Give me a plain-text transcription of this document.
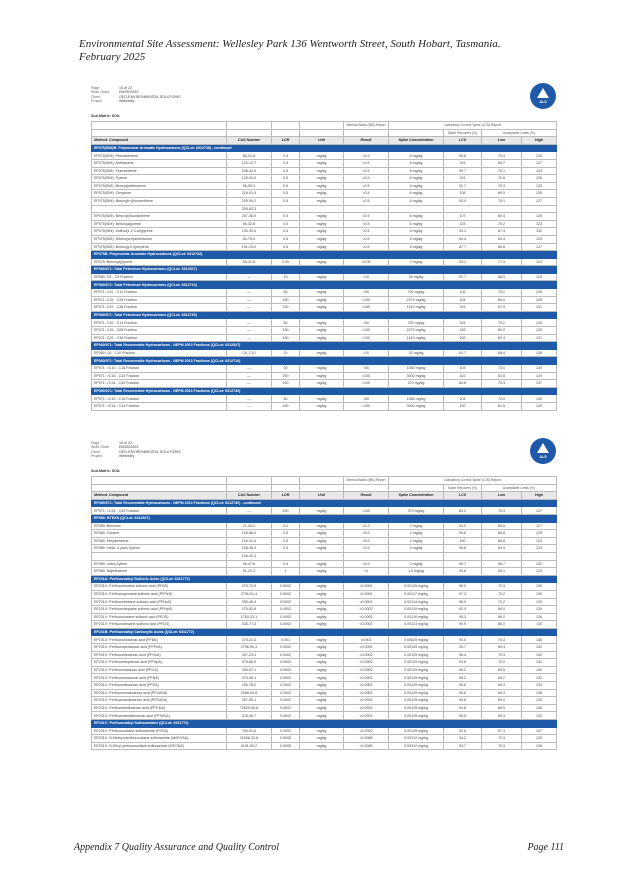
Environmental Site Assessment: Wellesley Park 136 Wentworth Street, South Hobart, Tasmania.
February 2025
Page	15 of 22
Work Order	EM2503393
Client	GEO-ENVIRONMENTAL SOLUTIONS
Project	Wellesley	ALS
Sub-Matrix: SOIL
				Method Blank (MB) Report	Laboratory Control Spike (LCS) Report			
						Spike Recovery (%)	Acceptable Limits (%)	
Method: Compound	CAS Number	LOR	Unit	Result	Spike Concentration	LCS	Low	High
EP075(SIM)B: Polynuclear Aromatic Hydrocarbons (QCLot: 6312739) - continued								
EP075(SIM): Phenanthrene	85-01-8	0.5	mg/kg	<0.5	6 mg/kg	95.8	70.4	126
EP075(SIM): Anthracene	120-12-7	0.5	mg/kg	<0.5	6 mg/kg	101	69.7	127
EP075(SIM): Fluoranthene	206-44-0	0.5	mg/kg	<0.5	6 mg/kg	99.7	70.1	124
EP075(SIM): Pyrene	129-00-0	0.5	mg/kg	<0.5	6 mg/kg	101	70.6	126
EP075(SIM): Benz(a)anthracene	56-55-3	0.5	mg/kg	<0.5	6 mg/kg	92.7	70.3	123
EP075(SIM): Chrysene	218-01-9	0.5	mg/kg	<0.5	6 mg/kg	105	69.0	130
EP075(SIM): Benzo(b+j)fluoranthene	205-99-2	0.5	mg/kg	<0.5	6 mg/kg	93.4	70.1	127
	205-82-3							
EP075(SIM): Benzo(k)fluoranthene	207-08-9	0.5	mg/kg	<0.5	6 mg/kg	107	69.4	126
EP075(SIM): Benzo(a)pyrene	50-32-8	0.5	mg/kg	<0.5	6 mg/kg	103	70.2	123
EP075(SIM): Indeno(1.2.3.cd)pyrene	193-39-5	0.5	mg/kg	<0.5	6 mg/kg	93.1	67.3	132
EP075(SIM): Dibenz(a.h)anthracene	53-70-3	0.5	mg/kg	<0.5	6 mg/kg	94.4	63.4	125
EP075(SIM): Benzo(g.h.i)perylene	191-24-2	0.5	mg/kg	<0.5	6 mg/kg	87.7	65.6	127
EP075B: Polynuclear Aromatic Hydrocarbons (QCLot: 6312732)								
EP075: Benzo(a)pyrene	50-32-8	0.05	mg/kg	<0.05	2 mg/kg	93.1	77.3	124
EP080/071: Total Petroleum Hydrocarbons (QCLot: 6312527)								
EP080: C6 - C9 Fraction	----	10	mg/kg	<10	26 mg/kg	92.7	68.5	124
EP080/071: Total Petroleum Hydrocarbons (QCLot: 6312710)								
EP071: C10 - C14 Fraction	----	50	mg/kg	<50	700 mg/kg	102	75.2	126
EP071: C15 - C28 Fraction	----	100	mg/kg	<100	2270 mg/kg	104	80.0	129
EP071: C29 - C36 Fraction	----	100	mg/kg	<100	1410 mg/kg	101	67.5	131
EP080/071: Total Petroleum Hydrocarbons (QCLot: 6312730)								
EP071: C10 - C14 Fraction	----	50	mg/kg	<50	700 mg/kg	104	75.2	126
EP071: C15 - C28 Fraction	----	100	mg/kg	<100	2270 mg/kg	103	80.0	129
EP071: C29 - C36 Fraction	----	100	mg/kg	<100	1410 mg/kg	103	62.4	131
EP080/071: Total Recoverable Hydrocarbons - NEPM 2013 Fractions (QCLot: 6312527)								
EP080: C6 - C10 Fraction	C6_C10	10	mg/kg	<10	31 mg/kg	92.7	68.4	128
EP080/071: Total Recoverable Hydrocarbons - NEPM 2013 Fractions (QCLot: 6312710)								
EP071: >C10 - C16 Fraction	----	50	mg/kg	<50	1080 mg/kg	103	73.0	130
EP071: >C16 - C34 Fraction	----	100	mg/kg	<100	3000 mg/kg	102	81.5	129
EP071: >C34 - C40 Fraction	----	100	mg/kg	<100	370 mg/kg	84.6	70.3	137
EP080/071: Total Recoverable Hydrocarbons - NEPM 2013 Fractions (QCLot: 6312730)								
EP071: >C10 - C16 Fraction	----	50	mg/kg	<50	1080 mg/kg	104	73.0	130
EP071: >C16 - C34 Fraction	----	100	mg/kg	<100	3000 mg/kg	102	81.5	129
Page	16 of 22
Work Order	EM2503393
Client	GEO-ENVIRONMENTAL SOLUTIONS
Project	Wellesley	ALS
Sub-Matrix: SOIL
				Method Blank (MB) Report	Laboratory Control Spike (LCS) Report			
						Spike Recovery (%)	Acceptable Limits (%)	
Method: Compound	CAS Number	LOR	Unit	Result	Spike Concentration	LCS	Low	High
EP080/071: Total Recoverable Hydrocarbons - NEPM 2013 Fractions (QCLot: 6312730) - continued								
EP071: >C34 - C40 Fraction	----	100	mg/kg	<100	370 mg/kg	83.2	70.3	137
EP080: BTEXN (QCLot: 6312527)								
EP080: Benzene	71-43-2	0.2	mg/kg	<0.2	2 mg/kg	94.0	65.8	117
EP080: Toluene	108-88-3	0.5	mg/kg	<0.5	2 mg/kg	93.6	66.8	129
EP080: Ethylbenzene	100-41-4	0.5	mg/kg	<0.5	2 mg/kg	100	66.8	124
EP080: meta- & para-Xylene	108-38-3	0.5	mg/kg	<0.5	4 mg/kg	95.6	64.9	124
	106-42-3							
EP080: ortho-Xylene	95-47-6	0.5	mg/kg	<0.5	2 mg/kg	99.7	66.7	132
EP080: Naphthalene	91-20-3	1	mg/kg	<1	1.5 mg/kg	90.8	65.1	123
EP231A: Perfluoroalkyl Sulfonic Acids (QCLot: 6311772)								
EP231X: Perfluorobutane sulfonic acid (PFBS)	375-73-5	0.0002	mg/kg	<0.0002	0.00125 mg/kg	99.0	70.3	130
EP231X: Perfluoropentane sulfonic acid (PFPeS)	2706-91-4	0.0002	mg/kg	<0.0002	0.00117 mg/kg	97.3	70.2	130
EP231X: Perfluorohexane sulfonic acid (PFHxS)	355-46-4	0.0002	mg/kg	<0.0002	0.00114 mg/kg	96.9	70.2	129
EP231X: Perfluoroheptane sulfonic acid (PFHpS)	375-92-8	0.0002	mg/kg	<0.0002	0.00119 mg/kg	92.4	69.0	130
EP231X: Perfluorooctane sulfonic acid (PFOS)	1763-23-1	0.0002	mg/kg	<0.0002	0.00116 mg/kg	95.3	68.0	126
EP231X: Perfluorodecane sulfonic acid (PFDS)	335-77-3	0.0002	mg/kg	<0.0002	0.00121 mg/kg	90.9	66.0	134
EP231B: Perfluoroalkyl Carboxylic Acids (QCLot: 6311772)								
EP231X: Perfluorobutanoic acid (PFBA)	375-22-4	0.001	mg/kg	<0.001	0.00625 mg/kg	93.5	70.3	136
EP231X: Perfluoropentanoic acid (PFPeA)	2706-90-3	0.0002	mg/kg	<0.0002	0.00125 mg/kg	94.7	69.3	132
EP231X: Perfluorohexanoic acid (PFHxA)	307-24-4	0.0002	mg/kg	<0.0002	0.00125 mg/kg	95.4	70.3	132
EP231X: Perfluoroheptanoic acid (PFHpA)	375-85-9	0.0002	mg/kg	<0.0002	0.00125 mg/kg	94.8	70.0	132
EP231X: Perfluorooctanoic acid (PFOA)	335-67-1	0.0002	mg/kg	<0.0002	0.00125 mg/kg	95.2	69.5	130
EP231X: Perfluorononanoic acid (PFNA)	375-95-1	0.0002	mg/kg	<0.0002	0.00125 mg/kg	95.2	69.2	132
EP231X: Perfluorodecanoic acid (PFDA)	335-76-2	0.0002	mg/kg	<0.0002	0.00125 mg/kg	95.6	69.3	133
EP231X: Perfluoroundecanoic acid (PFUnDA)	2058-94-8	0.0002	mg/kg	<0.0002	0.00125 mg/kg	95.6	69.3	136
EP231X: Perfluorododecanoic acid (PFDoDA)	307-55-1	0.0002	mg/kg	<0.0002	0.00125 mg/kg	94.6	69.0	133
EP231X: Perfluorotridecanoic acid (PFTrDA)	72629-94-8	0.0002	mg/kg	<0.0002	0.00125 mg/kg	91.8	66.5	136
EP231X: Perfluorotetradecanoic acid (PFTeDA)	376-06-7	0.0002	mg/kg	<0.0002	0.00125 mg/kg	95.5	69.3	133
EP231C: Perfluoroalkyl Sulfonamides (QCLot: 6311772)								
EP231X: Perfluorooctane sulfonamide (FOSA)	754-91-6	0.0002	mg/kg	<0.0002	0.00125 mg/kg	92.6	67.3	137
EP231X: N-Methyl perfluorooctane sulfonamide (MeFOSA)	31506-32-8	0.0005	mg/kg	<0.0005	0.00312 mg/kg	94.2	70.3	129
EP231X: N-Ethyl perfluorooctane sulfonamide (EtFOSA)	4151-50-2	0.0005	mg/kg	<0.0005	0.00312 mg/kg	93.7	70.3	128
Appendix 7 Quality Assurance and Quality Control	Page 111
